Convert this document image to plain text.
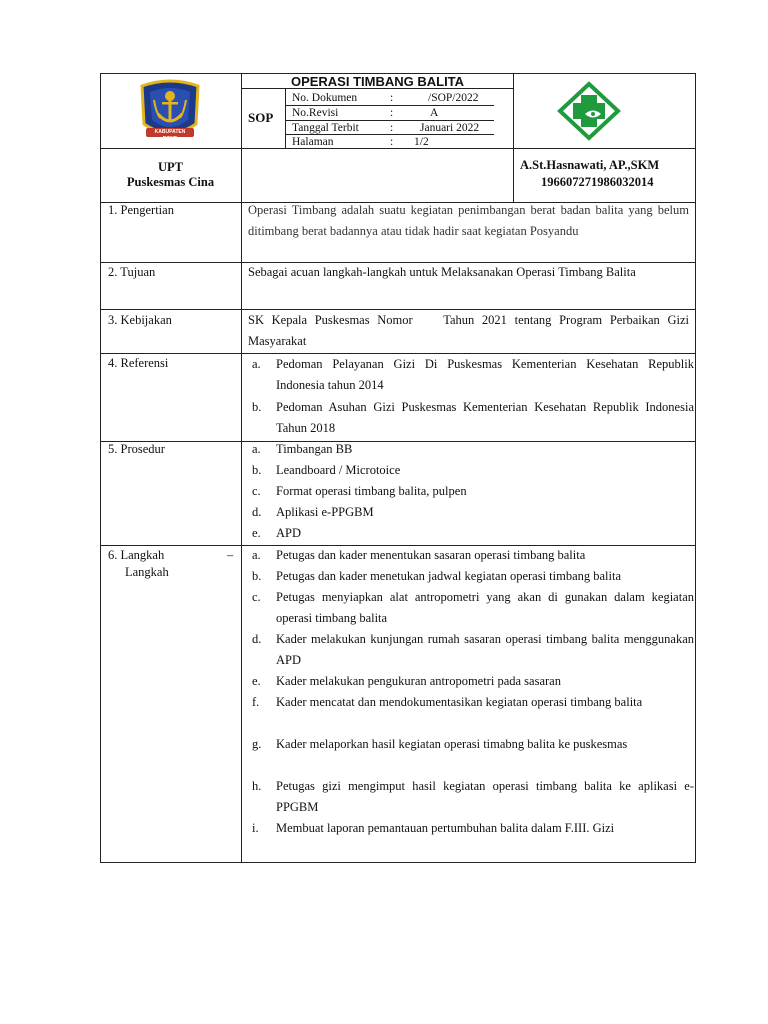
KABUPATEN BONE
OPERASI TIMBANG BALITA
SOP
No. Dokumen	:	/SOP/2022
No.Revisi	:	A
Tanggal Terbit	: Januari 2022
Halaman	: 1/2
UPT
Puskesmas Cina
A.St.Hasnawati, AP.,SKM
196607271986032014
1. Pengertian	Operasi Timbang adalah suatu kegiatan penimbangan berat badan balita yang belum ditimbang berat badannya atau tidak hadir saat kegiatan Posyandu
2. Tujuan	Sebagai acuan langkah-langkah untuk Melaksanakan Operasi Timbang Balita
3. Kebijakan	SK Kepala Puskesmas Nomor    Tahun 2021 tentang Program Perbaikan Gizi Masyarakat
4. Referensi	a.	Pedoman Pelayanan Gizi Di Puskesmas Kementerian Kesehatan Republik Indonesia tahun 2014
b.	Pedoman Asuhan Gizi Puskesmas Kementerian Kesehatan Republik Indonesia Tahun 2018
5. Prosedur	a.	Timbangan BB
b.	Leandboard / Microtoice
c.	Format operasi timbang balita, pulpen
d.	Aplikasi e-PPGBM
e.	APD
6. Langkah	–
Langkah
a.	Petugas dan kader menentukan sasaran operasi timbang balita
b.	Petugas dan kader menetukan jadwal kegiatan operasi timbang balita
c.	Petugas menyiapkan alat antropometri yang akan di gunakan dalam kegiatan operasi timbang balita
d.	Kader melakukan kunjungan rumah sasaran operasi timbang balita menggunakan APD
e.	Kader melakukan pengukuran antropometri pada sasaran
f.	Kader mencatat dan mendokumentasikan kegiatan operasi timbang balita
g.	Kader melaporkan hasil kegiatan operasi timabng balita ke puskesmas
h.	Petugas gizi mengimput hasil kegiatan operasi timbang balita ke aplikasi e-PPGBM
i.	Membuat laporan pemantauan pertumbuhan balita dalam F.III. Gizi
